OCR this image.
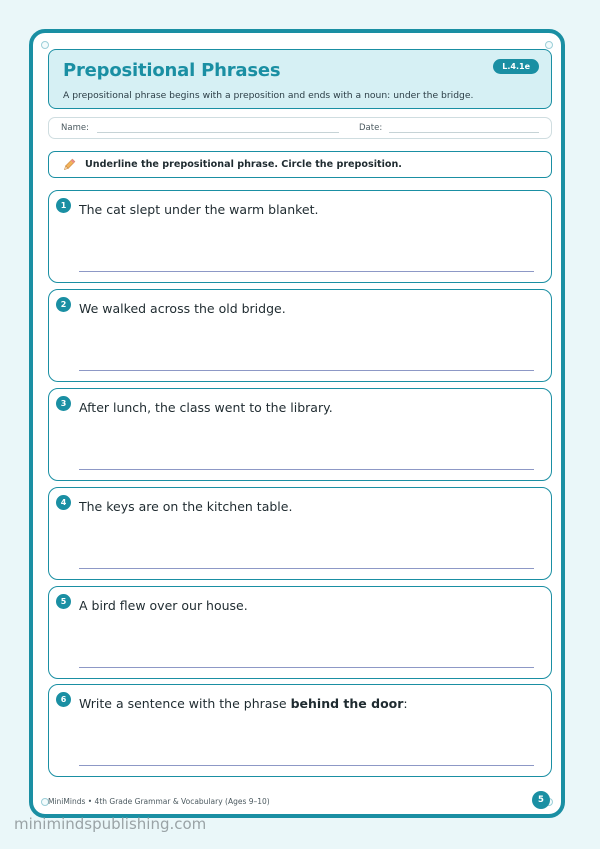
Prepositional Phrases
A prepositional phrase begins with a preposition and ends with a noun: under the bridge.
L.4.1e
Name:	Date:
Underline the prepositional phrase. Circle the preposition.
1	The cat slept under the warm blanket.
2	We walked across the old bridge.
3	After lunch, the class went to the library.
4	The keys are on the kitchen table.
5	A bird flew over our house.
6	Write a sentence with the phrase behind the door:
MiniMinds • 4th Grade Grammar & Vocabulary (Ages 9–10)	5
minimindspublishing.com
